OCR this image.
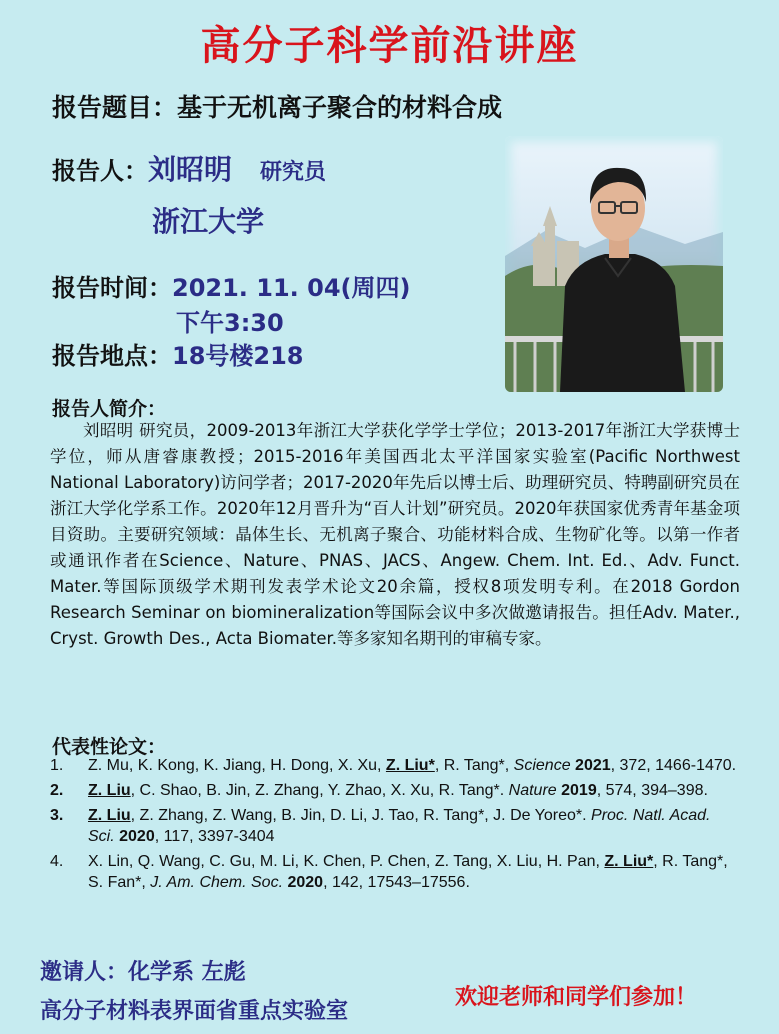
高分子科学前沿讲座
报告题目：基于无机离子聚合的材料合成
报告人：刘昭明 研究员
浙江大学
报告时间：2021. 11. 04(周四)
下午3:30
报告地点：18号楼218
报告人简介：
刘昭明 研究员，2009-2013年浙江大学获化学学士学位；2013-2017年浙江大学获博士学位，师从唐睿康教授；2015-2016年美国西北太平洋国家实验室(Pacific Northwest National Laboratory)访问学者；2017-2020年先后以博士后、助理研究员、特聘副研究员在浙江大学化学系工作。2020年12月晋升为“百人计划”研究员。2020年获国家优秀青年基金项目资助。主要研究领域：晶体生长、无机离子聚合、功能材料合成、生物矿化等。以第一作者或通讯作者在Science、Nature、PNAS、JACS、Angew. Chem. Int. Ed.、Adv. Funct. Mater.等国际顶级学术期刊发表学术论文20余篇，授权8项发明专利。在2018 Gordon Research Seminar on biomineralization等国际会议中多次做邀请报告。担任Adv. Mater., Cryst. Growth Des., Acta Biomater.等多家知名期刊的审稿专家。
代表性论文：
1. Z. Mu, K. Kong, K. Jiang, H. Dong, X. Xu, Z. Liu*, R. Tang*, Science 2021, 372, 1466-1470.
2. Z. Liu, C. Shao, B. Jin, Z. Zhang, Y. Zhao, X. Xu, R. Tang*. Nature 2019, 574, 394–398.
3. Z. Liu, Z. Zhang, Z. Wang, B. Jin, D. Li, J. Tao, R. Tang*, J. De Yoreo*. Proc. Natl. Acad. Sci. 2020, 117, 3397-3404
4. X. Lin, Q. Wang, C. Gu, M. Li, K. Chen, P. Chen, Z. Tang, X. Liu, H. Pan, Z. Liu*, R. Tang*, S. Fan*, J. Am. Chem. Soc. 2020, 142, 17543–17556.
邀请人：化学系 左彪
高分子材料表界面省重点实验室
欢迎老师和同学们参加！
